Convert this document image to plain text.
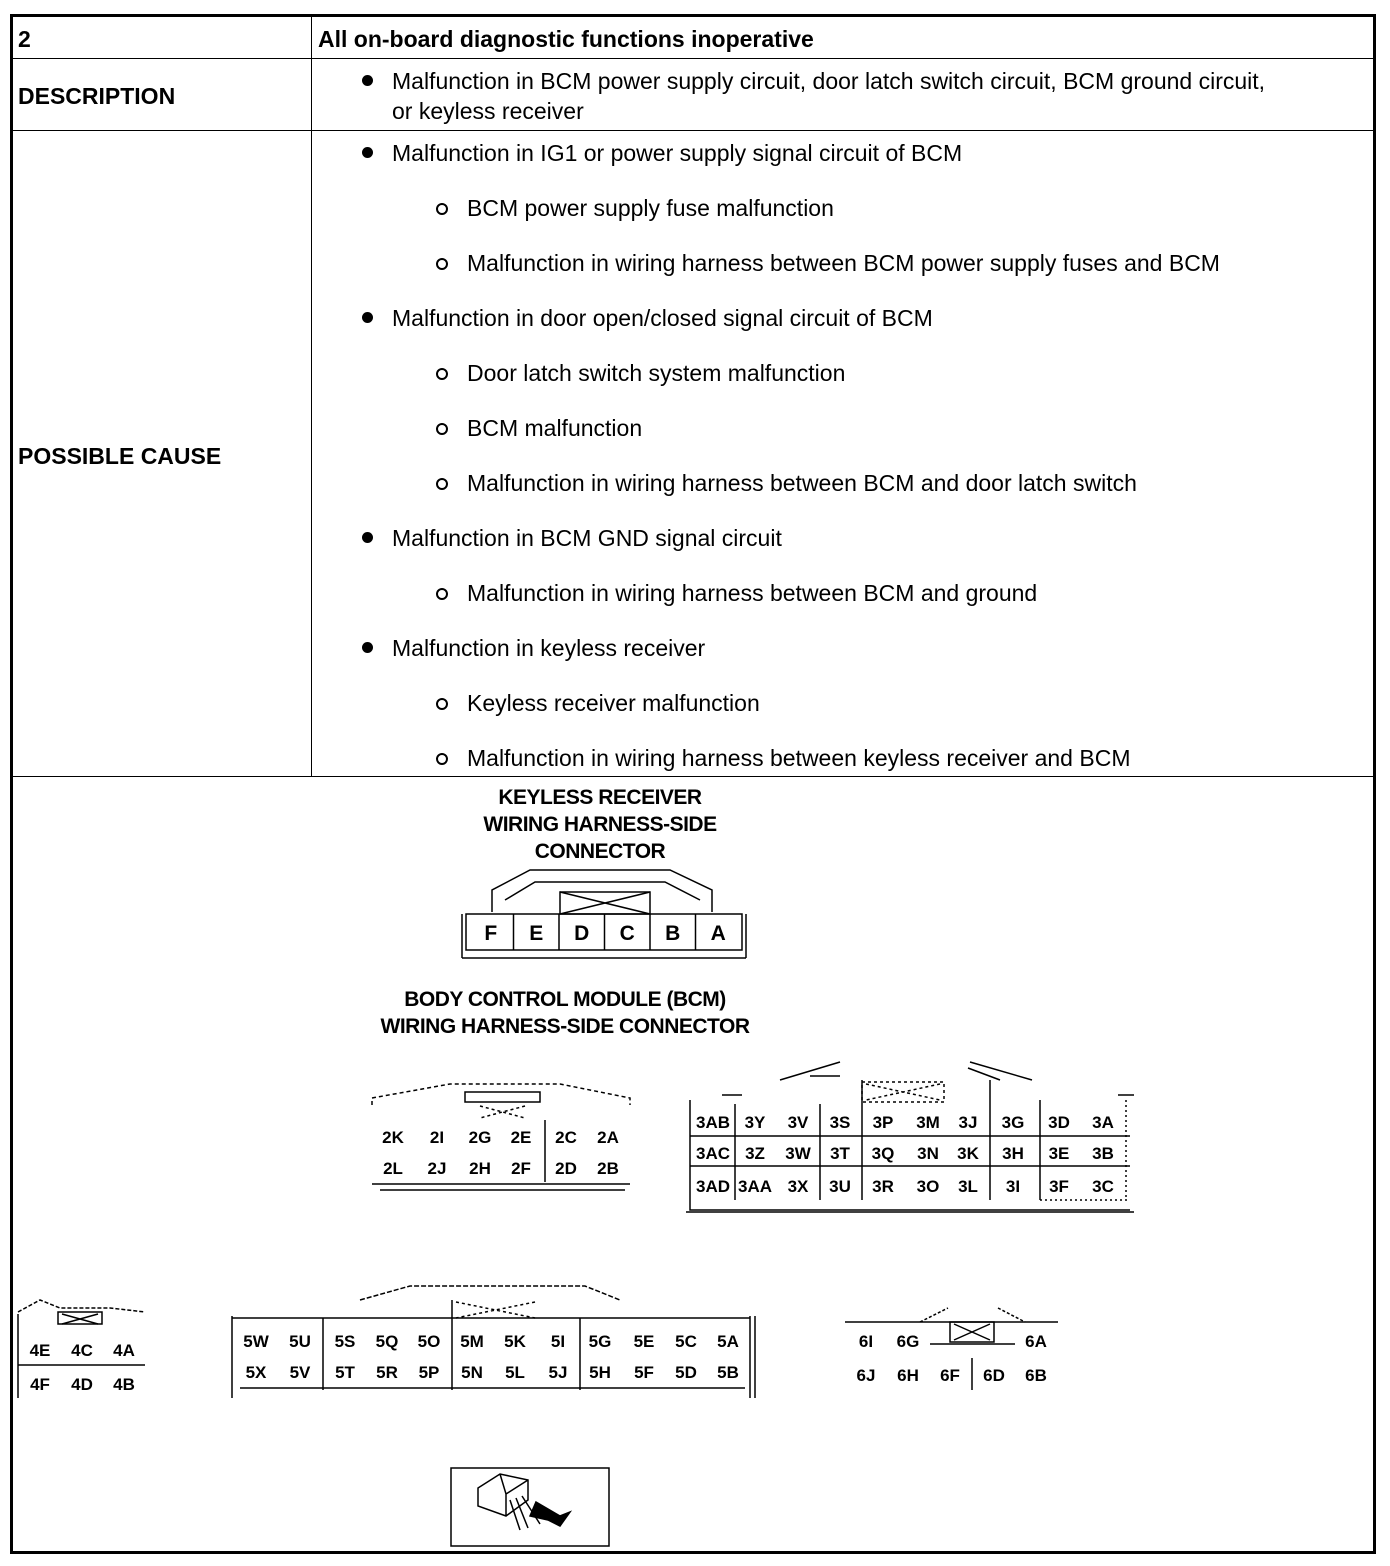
2	All on-board diagnostic functions inoperative
DESCRIPTION
Malfunction in BCM power supply circuit, door latch switch circuit, BCM ground circuit,
or keyless receiver
POSSIBLE CAUSE
Malfunction in IG1 or power supply signal circuit of BCM
BCM power supply fuse malfunction
Malfunction in wiring harness between BCM power supply fuses and BCM
Malfunction in door open/closed signal circuit of BCM
Door latch switch system malfunction
BCM malfunction
Malfunction in wiring harness between BCM and door latch switch
Malfunction in BCM GND signal circuit
Malfunction in wiring harness between BCM and ground
Malfunction in keyless receiver
Keyless receiver malfunction
Malfunction in wiring harness between keyless receiver and BCM
KEYLESS RECEIVER
WIRING HARNESS-SIDE
CONNECTOR
BODY CONTROL MODULE (BCM)
WIRING HARNESS-SIDE CONNECTOR
F E D C B A
2K 2I 2G 2E 2C 2A
2L 2J 2H 2F 2D 2B
3AB 3Y 3V 3S 3P 3M 3J 3G 3D 3A
3AC 3Z 3W 3T 3Q 3N 3K 3H 3E 3B
3AD 3AA 3X 3U 3R 3O 3L 3I 3F 3C
4E 4C 4A
4F 4D 4B
5W 5U 5S 5Q 5O 5M 5K 5I 5G 5E 5C 5A
5X 5V 5T 5R 5P 5N 5L 5J 5H 5F 5D 5B
6I 6G	6A
6J 6H 6F 6D 6B
